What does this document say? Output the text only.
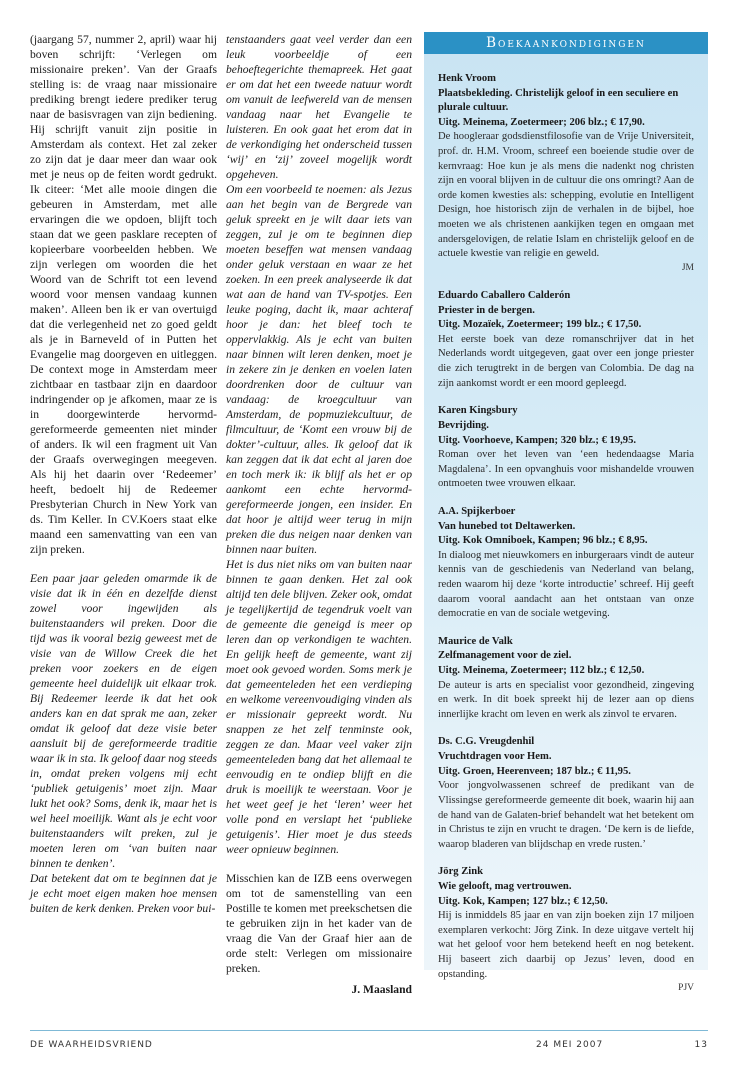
(jaargang 57, nummer 2, april) waar hij boven schrijft: ‘Verlegen om missionaire preken’. Van der Graafs stelling is: de vraag naar missionaire prediking brengt iedere prediker terug naar de basisvragen van zijn bediening. Hij schrijft vanuit zijn positie in Amsterdam als context. Het zal zeker zo zijn dat je daar meer dan waar ook met je neus op de feiten wordt gedrukt. Ik citeer: ‘Met alle mooie dingen die gebeuren in Amsterdam, met alle ervaringen die we opdoen, blijft toch staan dat we geen pasklare recepten of kopieerbare voorbeelden hebben. We zijn verlegen om woorden die het Woord van de Schrift tot een levend woord voor mensen vandaag kunnen maken’. Alleen ben ik er van overtuigd dat die verlegenheid net zo goed geldt als je in Barneveld of in Putten het Evangelie mag doorgeven en uitleggen. De context moge in Amsterdam meer zichtbaar en tastbaar zijn en daardoor indringender op je afkomen, maar ze is in doorgewinterde hervormd-gereformeerde gemeenten niet minder of anders. Ik wil een fragment uit Van der Graafs overwegingen meegeven. Als hij het daarin over ‘Redeemer’ heeft, bedoelt hij de Redeemer Presbyterian Church in New York van ds. Tim Keller. In CV.Koers staat elke maand een samenvatting van een van zijn preken.

Een paar jaar geleden omarmde ik de visie dat ik in één en dezelfde dienst zowel voor ingewijden als buitenstaanders wil preken. Door die tijd was ik vooral bezig geweest met de visie van de Willow Creek die het preken voor zoekers en de eigen gemeente heel duidelijk uit elkaar trok. Bij Redeemer leerde ik dat het ook anders kan en dat sprak me aan, zeker omdat ik geloof dat deze visie beter aansluit bij de gereformeerde traditie waar ik in sta. Ik geloof daar nog steeds in, omdat preken volgens mij echt ‘publiek getuigenis’ moet zijn. Maar lukt het ook? Soms, denk ik, maar het is wel heel moeilijk. Want als je echt voor buitenstaanders wilt preken, zul je moeten leren om ‘van buiten naar binnen te denken’.

Dat betekent dat om te beginnen dat je je echt moet eigen maken hoe mensen buiten de kerk denken. Preken voor bui-

tenstaanders gaat veel verder dan een leuk voorbeeldje of een behoeftegerichte themapreek. Het gaat er om dat het een tweede natuur wordt om vanuit de leefwereld van de mensen vandaag naar het Evangelie te luisteren. En ook gaat het erom dat in de verkondiging het onderscheid tussen ‘wij’ en ‘zij’ zoveel mogelijk wordt opgeheven.

Om een voorbeeld te noemen: als Jezus aan het begin van de Bergrede van geluk spreekt en je wilt daar iets van zeggen, zul je om te beginnen diep moeten beseffen wat mensen vandaag onder geluk verstaan en waar ze het zoeken. In een preek analyseerde ik dat wat aan de hand van TV-spotjes. Een leuke poging, dacht ik, maar achteraf hoor je dan: het bleef toch te oppervlakkig. Als je echt van buiten naar binnen wilt leren denken, moet je in zekere zin je denken en voelen laten doordrenken door de cultuur van vandaag: de kroegcultuur van Amsterdam, de popmuziekcultuur, de filmcultuur, de ‘Komt een vrouw bij de dokter’-cultuur, alles. Ik geloof dat ik kan zeggen dat ik dat echt al jaren doe en toch merk ik: ik blijf als het er op aankomt een echte hervormd-gereformeerde jongen, een insider. En dat hoor je altijd weer terug in mijn preken die dus neigen naar denken van binnen naar buiten.

Het is dus niet niks om van buiten naar binnen te gaan denken. Het zal ook altijd ten dele blijven. Zeker ook, omdat je tegelijkertijd de tegendruk voelt van de gemeente die geneigd is meer op leren dan op verkondigen te wachten. En gelijk heeft de gemeente, want zij moet ook gevoed worden. Soms merk je dat gemeenteleden het een verdieping en welkome vereenvoudiging vinden als er missionair gepreekt wordt. Nu snappen ze het zelf tenminste ook, zeggen ze dan. Maar veel vaker zijn gemeenteleden bang dat het allemaal te eenvoudig en te ondiep blijft en die druk is moeilijk te weerstaan. Voor je het weet geef je het ‘leren’ weer het volle pond en verslapt het ‘publieke getuigenis’. Hier moet je dus steeds weer opnieuw beginnen.

Misschien kan de IZB eens overwegen om tot de samenstelling van een Postille te komen met preekschetsen die te gebruiken zijn in het kader van de vraag die Van der Graaf hier aan de orde stelt: Verlegen om missionaire preken.

J. Maasland

Boekaankondigingen
Henk Vroom
Plaatsbekleding. Christelijk geloof in een seculiere en plurale cultuur.
Uitg. Meinema, Zoetermeer; 206 blz.; € 17,90.
De hoogleraar godsdienstfilosofie van de Vrije Universiteit, prof. dr. H.M. Vroom, schreef een boeiende studie over de kernvraag: Hoe kun je als mens die nadenkt nog christen zijn en vooral blijven in de cultuur die ons omringt? Aan de orde komen kwesties als: schepping, evolutie en Intelligent Design, hoe historisch zijn de verhalen in de bijbel, hoe moeten we als christenen aankijken tegen en omgaan met andersgelovigen, de relatie Islam en christelijk geloof en de actuele kwestie van religie en geweld.
JM
Eduardo Caballero Calderón
Priester in de bergen.
Uitg. Mozaïek, Zoetermeer; 199 blz.; € 17,50.
Het eerste boek van deze romanschrijver dat in het Nederlands wordt uitgegeven, gaat over een jonge priester die zich terugtrekt in de bergen van Colombia. De dag na zijn aankomst wordt er een moord gepleegd.
Karen Kingsbury
Bevrijding.
Uitg. Voorhoeve, Kampen; 320 blz.; € 19,95.
Roman over het leven van ‘een hedendaagse Maria Magdalena’. In een opvanghuis voor mishandelde vrouwen ontmoeten twee vrouwen elkaar.
A.A. Spijkerboer
Van hunebed tot Deltawerken.
Uitg. Kok Omniboek, Kampen; 96 blz.; € 8,95.
In dialoog met nieuwkomers en inburgeraars vindt de auteur kennis van de geschiedenis van Nederland van belang, reden waarom hij deze ‘korte introductie’ schreef. Hij geeft daarom vooral aandacht aan het ontstaan van onze democratie en van de sociale wetgeving.
Maurice de Valk
Zelfmanagement voor de ziel.
Uitg. Meinema, Zoetermeer; 112 blz.; € 12,50.
De auteur is arts en specialist voor gezondheid, zingeving en werk. In dit boek spreekt hij de lezer aan op diens innerlijke kracht om leven en werk als zinvol te ervaren.
Ds. C.G. Vreugdenhil
Vruchtdragen voor Hem.
Uitg. Groen, Heerenveen; 187 blz.; € 11,95.
Voor jongvolwassenen schreef de predikant van de Vlissingse gereformeerde gemeente dit boek, waarin hij aan de hand van de Galaten-brief behandelt wat het betekent om in Christus te zijn en vrucht te dragen. ‘De kern is de liefde, waarop bladeren van blijdschap en vrede rusten.’
Jörg Zink
Wie gelooft, mag vertrouwen.
Uitg. Kok, Kampen; 127 blz.; € 12,50.
Hij is inmiddels 85 jaar en van zijn boeken zijn 17 miljoen exemplaren verkocht: Jörg Zink. In deze uitgave vertelt hij wat het geloof voor hem betekend heeft en nog betekent. Hij baseert zich daarbij op Jezus’ leven, dood en opstanding.
PJV
DE WAARHEIDSVRIEND	24 MEI 2007	13
